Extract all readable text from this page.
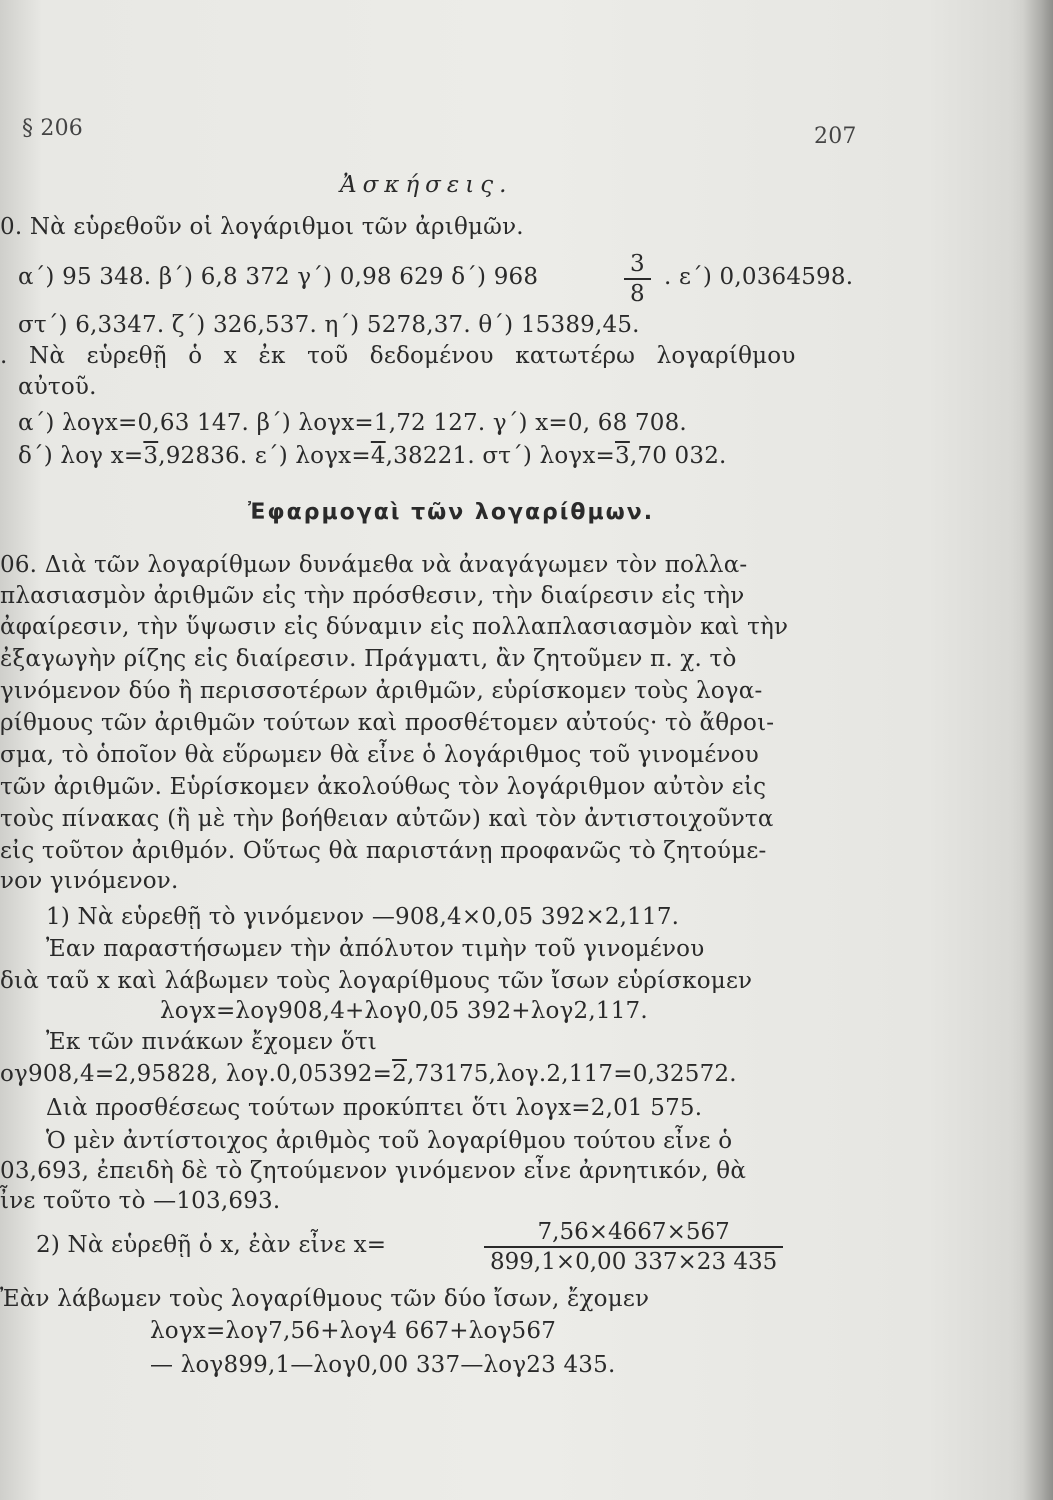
§ 206	207
Ἀσκήσεις.
0. Νὰ εὑρεθοῦν οἱ λογάριθμοι τῶν ἀριθμῶν.
α΄) 95 348. β΄) 6,8 372 γ΄) 0,98 629 δ΄) 968	$\frac{3}{8}$ . ε΄) 0,0364598.
στ΄) 6,3347. ζ΄) 326,537. η΄) 5278,37. θ΄) 15389,45.
. Νὰ εὑρεθῇ ὁ x ἐκ τοῦ δεδομένου κατωτέρω λογαρίθμου
αὐτοῦ.
α΄) λογx=0,63 147. β΄) λογx=1,72 127. γ΄) x=0, 68 708.
δ΄) λογ x=3,92836. ε΄) λογx=4,38221. στ΄) λογx=3,70 032.
Ἐφαρμογαὶ τῶν λογαρίθμων.
06. Διὰ τῶν λογαρίθμων δυνάμεθα νὰ ἀναγάγωμεν τὸν πολλα-
πλασιασμὸν ἀριθμῶν εἰς τὴν πρόσθεσιν, τὴν διαίρεσιν εἰς τὴν
ἀφαίρεσιν, τὴν ὕψωσιν εἰς δύναμιν εἰς πολλαπλασιασμὸν καὶ τὴν
ἐξαγωγὴν ρίζης εἰς διαίρεσιν. Πράγματι, ἂν ζητοῦμεν π. χ. τὸ
γινόμενον δύο ἢ περισσοτέρων ἀριθμῶν, εὑρίσκομεν τοὺς λογα-
ρίθμους τῶν ἀριθμῶν τούτων καὶ προσθέτομεν αὐτούς· τὸ ἄθροι-
σμα, τὸ ὁποῖον θὰ εὕρωμεν θὰ εἶνε ὁ λογάριθμος τοῦ γινομένου
τῶν ἀριθμῶν. Εὑρίσκομεν ἀκολούθως τὸν λογάριθμον αὐτὸν εἰς
τοὺς πίνακας (ἢ μὲ τὴν βοήθειαν αὐτῶν) καὶ τὸν ἀντιστοιχοῦντα
εἰς τοῦτον ἀριθμόν. Οὕτως θὰ παριστάνῃ προφανῶς τὸ ζητούμε-
νον γινόμενον.
1) Νὰ εὑρεθῇ τὸ γινόμενον —908,4×0,05 392×2,117.
Ἐαν παραστήσωμεν τὴν ἀπόλυτον τιμὴν τοῦ γινομένου
διὰ ταῦ x καὶ λάβωμεν τοὺς λογαρίθμους τῶν ἴσων εὑρίσκομεν
λογx=λογ908,4+λογ0,05 392+λογ2,117.
Ἐκ τῶν πινάκων ἔχομεν ὅτι
ογ908,4=2,95828, λογ.0,05392=2,73175,λογ.2,117=0,32572.
Διὰ προσθέσεως τούτων προκύπτει ὅτι λογx=2,01 575.
Ὁ μὲν ἀντίστοιχος ἀριθμὸς τοῦ λογαρίθμου τούτου εἶνε ὁ
03,693, ἐπειδὴ δὲ τὸ ζητούμενον γινόμενον εἶνε ἀρνητικόν, θὰ
ἶνε τοῦτο τὸ —103,693.
2) Νὰ εὑρεθῇ ὁ x, ἐὰν εἶνε x=	$\frac{7,56\times 4667\times 567}{899,1\times 0,00 337\times 23 435}$
Ἐὰν λάβωμεν τοὺς λογαρίθμους τῶν δύο ἴσων, ἔχομεν
λογx=λογ7,56+λογ4 667+λογ567
— λογ899,1—λογ0,00 337—λογ23 435.
